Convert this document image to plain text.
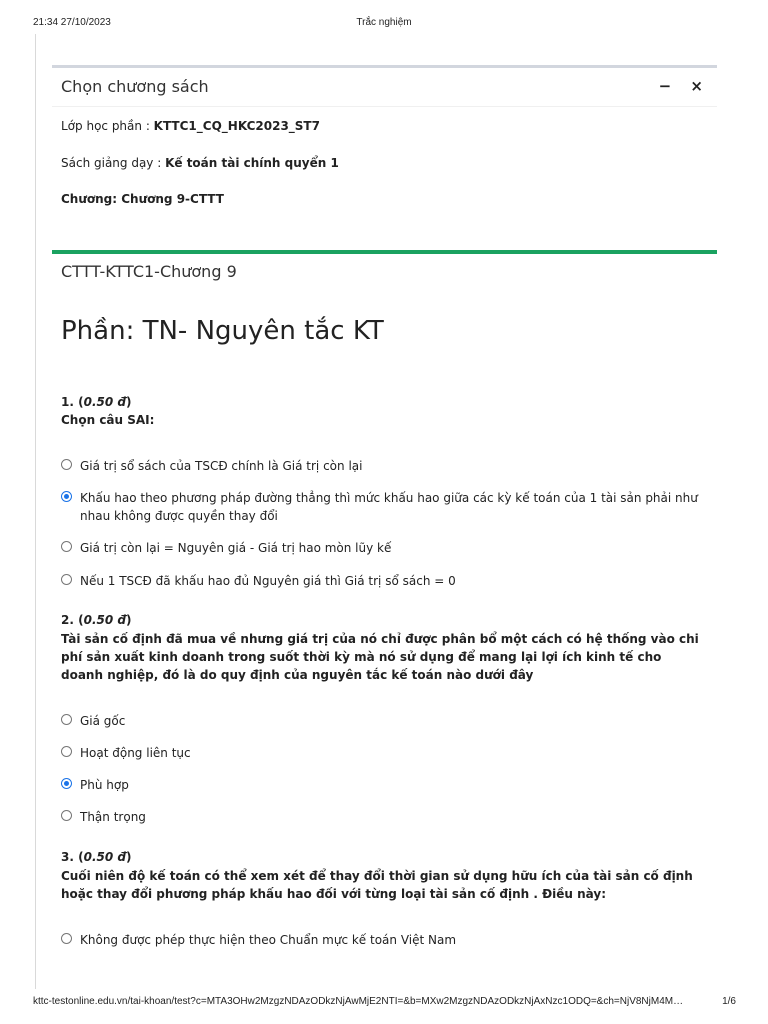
21:34 27/10/2023	Trắc nghiệm
Chọn chương sách	− ×
Lớp học phần : KTTC1_CQ_HKC2023_ST7
Sách giảng dạy : Kế toán tài chính quyển 1
Chương: Chương 9-CTTT
CTTT-KTTC1-Chương 9
Phần: TN- Nguyên tắc KT
1. (0.50 đ)
Chọn câu SAI:
Giá trị sổ sách của TSCĐ chính là Giá trị còn lại
Khấu hao theo phương pháp đường thẳng thì mức khấu hao giữa các kỳ kế toán của 1 tài sản phải như nhau không được quyền thay đổi
Giá trị còn lại = Nguyên giá - Giá trị hao mòn lũy kế
Nếu 1 TSCĐ đã khấu hao đủ Nguyên giá thì Giá trị sổ sách = 0
2. (0.50 đ)
Tài sản cố định đã mua về nhưng giá trị của nó chỉ được phân bổ một cách có hệ thống vào chi phí sản xuất kinh doanh trong suốt thời kỳ mà nó sử dụng để mang lại lợi ích kinh tế cho doanh nghiệp, đó là do quy định của nguyên tắc kế toán nào dưới đây
Giá gốc
Hoạt động liên tục
Phù hợp
Thận trọng
3. (0.50 đ)
Cuối niên độ kế toán có thể xem xét để thay đổi thời gian sử dụng hữu ích của tài sản cố định hoặc thay đổi phương pháp khấu hao đối với từng loại tài sản cố định . Điều này:
Không được phép thực hiện theo Chuẩn mực kế toán Việt Nam
kttc-testonline.edu.vn/tai-khoan/test?c=MTA3OHw2MzgzNDAzODkzNjAwMjE2NTI=&b=MXw2MzgzNDAzODkzNjAxNzc1ODQ=&ch=NjV8NjM4M…	1/6
